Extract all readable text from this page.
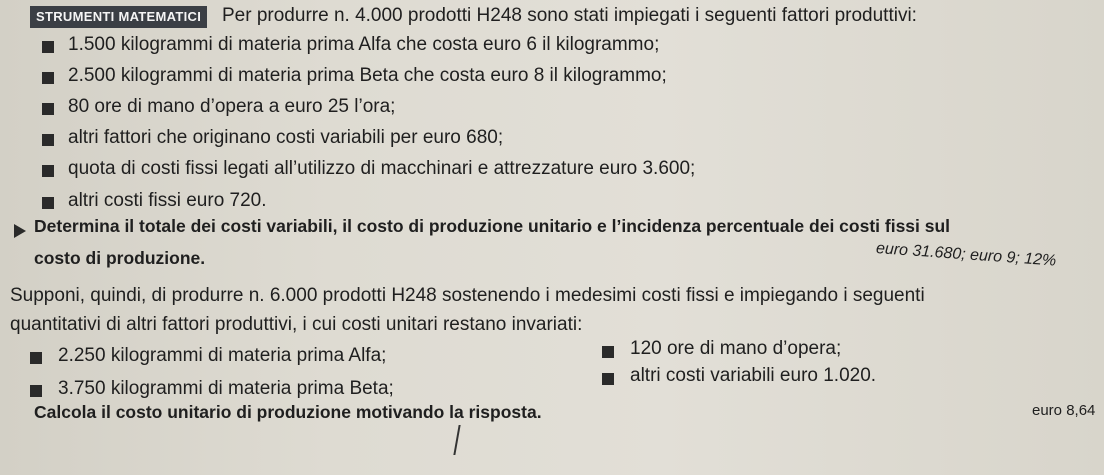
STRUMENTI MATEMATICI	Per produrre n. 4.000 prodotti H248 sono stati impiegati i seguenti fattori produttivi:
1.500 kilogrammi di materia prima Alfa che costa euro 6 il kilogrammo;
2.500 kilogrammi di materia prima Beta che costa euro 8 il kilogrammo;
80 ore di mano d’opera a euro 25 l’ora;
altri fattori che originano costi variabili per euro 680;
quota di costi fissi legati all’utilizzo di macchinari e attrezzature euro 3.600;
altri costi fissi euro 720.
Determina il totale dei costi variabili, il costo di produzione unitario e l’incidenza percentuale dei costi fissi sul
costo di produzione.	euro 31.680; euro 9; 12%
Supponi, quindi, di produrre n. 6.000 prodotti H248 sostenendo i medesimi costi fissi e impiegando i seguenti
quantitativi di altri fattori produttivi, i cui costi unitari restano invariati:
2.250 kilogrammi di materia prima Alfa;
3.750 kilogrammi di materia prima Beta;
120 ore di mano d’opera;
altri costi variabili euro 1.020.
Calcola il costo unitario di produzione motivando la risposta.	euro 8,64
